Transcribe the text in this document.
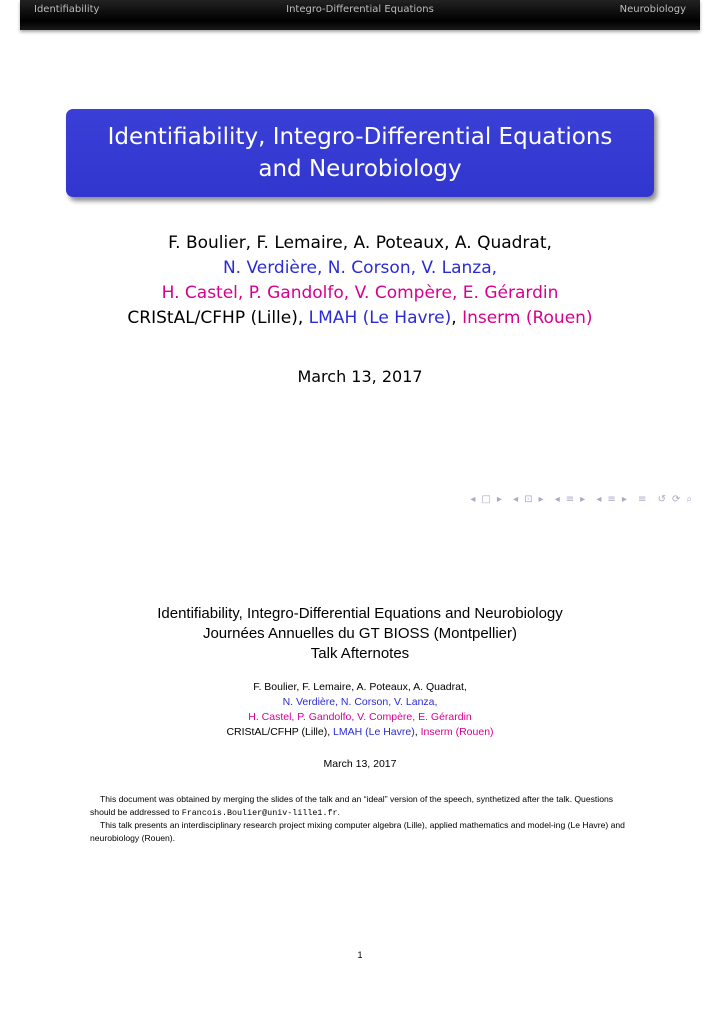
Identifiability	Integro-Differential Equations	Neurobiology
Identifiability, Integro-Differential Equations and Neurobiology
F. Boulier, F. Lemaire, A. Poteaux, A. Quadrat,
N. Verdière, N. Corson, V. Lanza,
H. Castel, P. Gandolfo, V. Compère, E. Gérardin
CRIStAL/CFHP (Lille), LMAH (Le Havre), Inserm (Rouen)
March 13, 2017
◂ □ ▸ ◂ ⊡ ▸ ◂ ≡ ▸ ◂ ≡ ▸ ≡ ↺ ⟳ ⌕
Identifiability, Integro-Differential Equations and Neurobiology
Journées Annuelles du GT BIOSS (Montpellier)
Talk Afternotes
F. Boulier, F. Lemaire, A. Poteaux, A. Quadrat,
N. Verdière, N. Corson, V. Lanza,
H. Castel, P. Gandolfo, V. Compère, E. Gérardin
CRIStAL/CFHP (Lille), LMAH (Le Havre), Inserm (Rouen)
March 13, 2017

This document was obtained by merging the slides of the talk and an “ideal” version of the speech, synthetized after the talk. Questions should be addressed to Francois.Boulier@univ-lille1.fr.

This talk presents an interdisciplinary research project mixing computer algebra (Lille), applied mathematics and model-ing (Le Havre) and neurobiology (Rouen).

1
